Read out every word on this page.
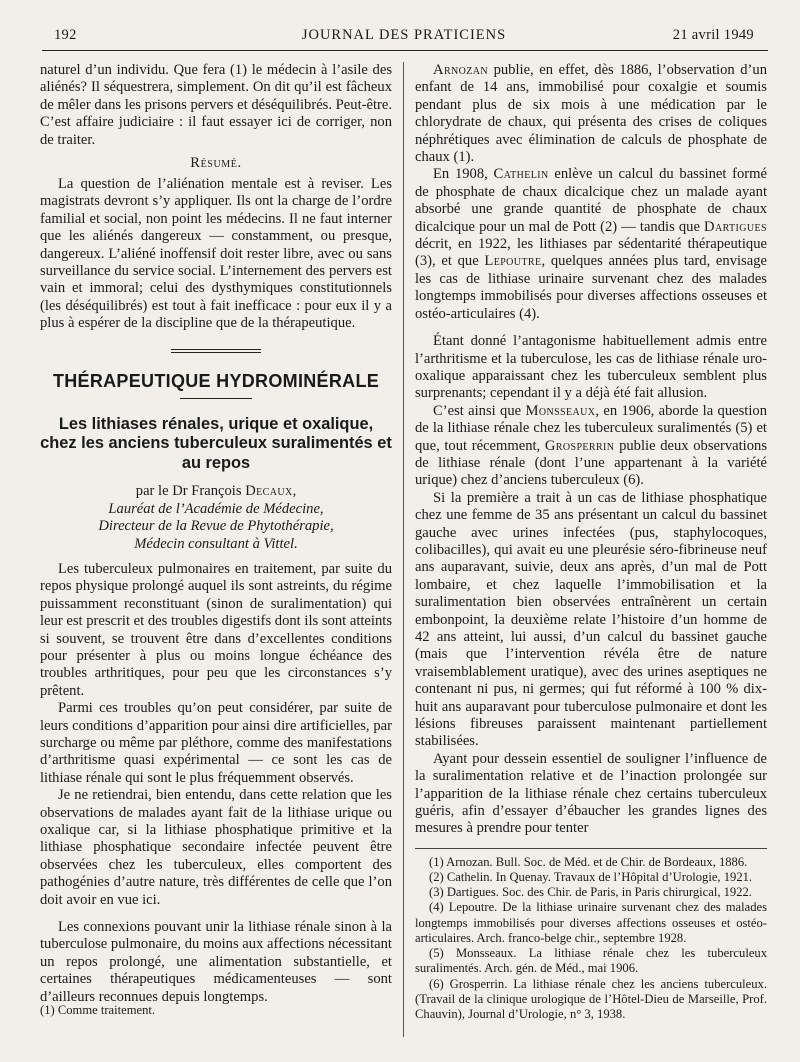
192	JOURNAL DES PRATICIENS	21 avril 1949

naturel d’un individu. Que fera (1) le médecin à l’asile des aliénés? Il séquestrera, simplement. On dit qu’il est fâcheux de mêler dans les prisons pervers et déséquilibrés. Peut-être. C’est affaire judiciaire : il faut essayer ici de corriger, non de traiter.

Résumé.

La question de l’aliénation mentale est à reviser. Les magistrats devront s’y appliquer. Ils ont la charge de l’ordre familial et social, non point les médecins. Il ne faut interner que les aliénés dangereux — constamment, ou presque, dangereux. L’aliéné inoffensif doit rester libre, avec ou sans surveillance du service social. L’internement des pervers est vain et immoral; celui des dysthymiques constitutionnels (les déséquilibrés) est tout à fait inefficace : pour eux il y a plus à espérer de la discipline que de la thérapeutique.

THÉRAPEUTIQUE HYDROMINÉRALE
Les lithiases rénales, urique et oxalique, chez les anciens tuberculeux suralimentés et au repos
par le Dr François Decaux,
Lauréat de l’Académie de Médecine,
Directeur de la Revue de Phytothérapie,
Médecin consultant à Vittel.

Les tuberculeux pulmonaires en traitement, par suite du repos physique prolongé auquel ils sont astreints, du régime puissamment reconstituant (sinon de suralimentation) qui leur est prescrit et des troubles digestifs dont ils sont atteints si souvent, se trouvent être dans d’excellentes conditions pour présenter à plus ou moins longue échéance des troubles arthritiques, pour peu que les circonstances s’y prêtent.

Parmi ces troubles qu’on peut considérer, par suite de leurs conditions d’apparition pour ainsi dire artificielles, par surcharge ou même par pléthore, comme des manifestations d’arthritisme quasi expérimental — ce sont les cas de lithiase rénale qui sont le plus fréquemment observés.

Je ne retiendrai, bien entendu, dans cette relation que les observations de malades ayant fait de la lithiase urique ou oxalique car, si la lithiase phosphatique primitive et la lithiase phosphatique secondaire infectée peuvent être observées chez les tuberculeux, elles comportent des pathogénies d’autre nature, très différentes de celle que l’on doit avoir en vue ici.

Les connexions pouvant unir la lithiase rénale sinon à la tuberculose pulmonaire, du moins aux affections nécessitant un repos prolongé, une alimentation substantielle, et certaines thérapeutiques médicamenteuses — sont d’ailleurs reconnues depuis longtemps.

(1) Comme traitement.

Arnozan publie, en effet, dès 1886, l’observation d’un enfant de 14 ans, immobilisé pour coxalgie et soumis pendant plus de six mois à une médication par le chlorydrate de chaux, qui présenta des crises de coliques néphrétiques avec élimination de calculs de phosphate de chaux (1).

En 1908, Cathelin enlève un calcul du bassinet formé de phosphate de chaux dicalcique chez un malade ayant absorbé une grande quantité de phosphate de chaux dicalcique pour un mal de Pott (2) — tandis que Dartigues décrit, en 1922, les lithiases par sédentarité thérapeutique (3), et que Lepoutre, quelques années plus tard, envisage les cas de lithiase urinaire survenant chez des malades longtemps immobilisés pour diverses affections osseuses et ostéo-articulaires (4).

Étant donné l’antagonisme habituellement admis entre l’arthritisme et la tuberculose, les cas de lithiase rénale uro-oxalique apparaissant chez les tuberculeux semblent plus surprenants; cependant il y a déjà été fait allusion.

C’est ainsi que Monsseaux, en 1906, aborde la question de la lithiase rénale chez les tuberculeux suralimentés (5) et que, tout récemment, Grosperrin publie deux observations de lithiase rénale (dont l’une appartenant à la variété urique) chez d’anciens tuberculeux (6).

Si la première a trait à un cas de lithiase phosphatique chez une femme de 35 ans présentant un calcul du bassinet gauche avec urines infectées (pus, staphylocoques, colibacilles), qui avait eu une pleurésie séro-fibrineuse neuf ans auparavant, suivie, deux ans après, d’un mal de Pott lombaire, et chez laquelle l’immobilisation et la suralimentation bien observées entraînèrent un certain embonpoint, la deuxième relate l’histoire d’un homme de 42 ans atteint, lui aussi, d’un calcul du bassinet gauche (mais que l’intervention révéla être de nature vraisemblablement uratique), avec des urines aseptiques ne contenant ni pus, ni germes; qui fut réformé à 100 % dix-huit ans auparavant pour tuberculose pulmonaire et dont les lésions fibreuses paraissent maintenant partiellement stabilisées.

Ayant pour dessein essentiel de souligner l’influence de la suralimentation relative et de l’inaction prolongée sur l’apparition de la lithiase rénale chez certains tuberculeux guéris, afin d’essayer d’ébaucher les grandes lignes des mesures à prendre pour tenter

(1) Arnozan. Bull. Soc. de Méd. et de Chir. de Bordeaux, 1886.

(2) Cathelin. In Quenay. Travaux de l’Hôpital d’Urologie, 1921.

(3) Dartigues. Soc. des Chir. de Paris, in Paris chirurgical, 1922.

(4) Lepoutre. De la lithiase urinaire survenant chez des malades longtemps immobilisés pour diverses affections osseuses et ostéo-articulaires. Arch. franco-belge chir., septembre 1928.

(5) Monsseaux. La lithiase rénale chez les tuberculeux suralimentés. Arch. gén. de Méd., mai 1906.

(6) Grosperrin. La lithiase rénale chez les anciens tuberculeux. (Travail de la clinique urologique de l’Hôtel-Dieu de Marseille, Prof. Chauvin), Journal d’Urologie, n° 3, 1938.
